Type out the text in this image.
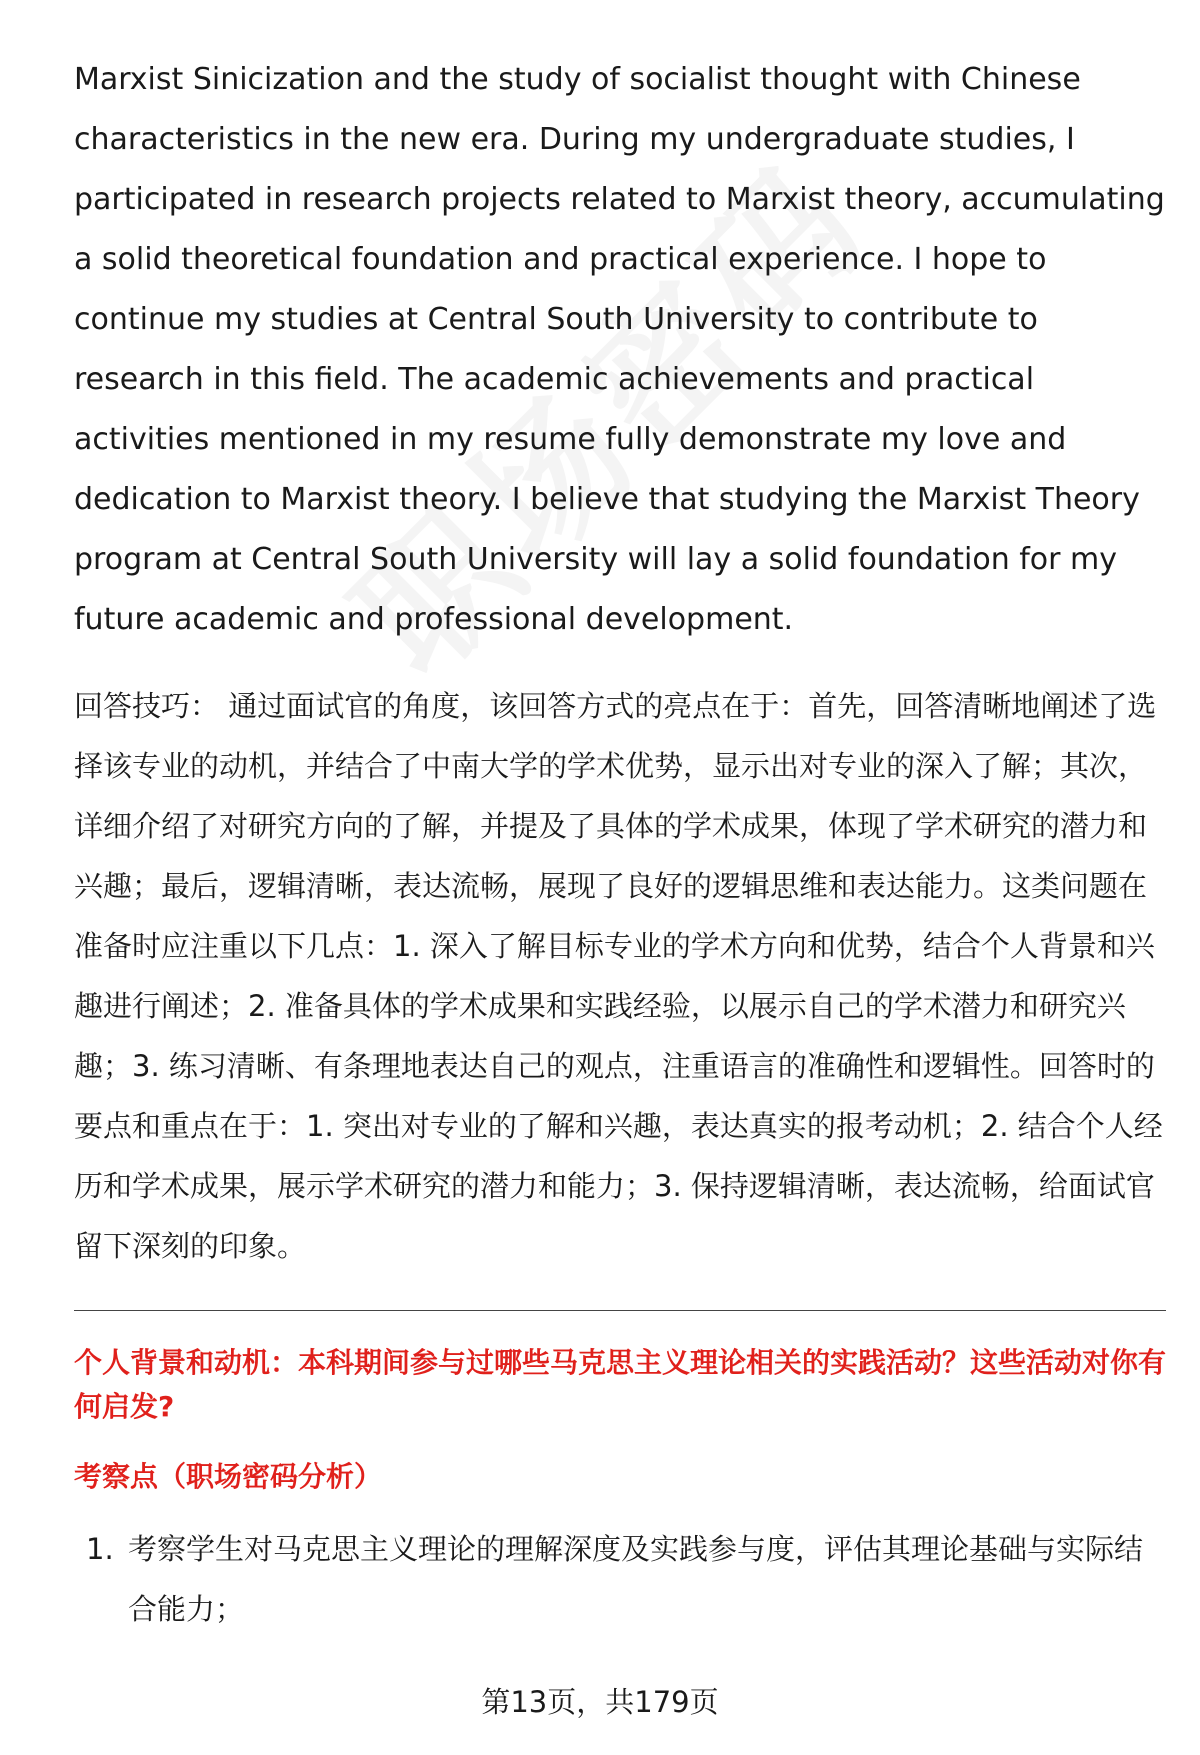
Marxist Sinicization and the study of socialist thought with Chinese characteristics in the new era. During my undergraduate studies, I participated in research projects related to Marxist theory, accumulating a solid theoretical foundation and practical experience. I hope to continue my studies at Central South University to contribute to research in this field. The academic achievements and practical activities mentioned in my resume fully demonstrate my love and dedication to Marxist theory. I believe that studying the Marxist Theory program at Central South University will lay a solid foundation for my future academic and professional development.

回答技巧： 通过面试官的角度，该回答方式的亮点在于：首先，回答清晰地阐述了选择该专业的动机，并结合了中南大学的学术优势，显示出对专业的深入了解；其次，详细介绍了对研究方向的了解，并提及了具体的学术成果，体现了学术研究的潜力和兴趣；最后，逻辑清晰，表达流畅，展现了良好的逻辑思维和表达能力。这类问题在准备时应注重以下几点：1. 深入了解目标专业的学术方向和优势，结合个人背景和兴趣进行阐述；2. 准备具体的学术成果和实践经验，以展示自己的学术潜力和研究兴趣；3. 练习清晰、有条理地表达自己的观点，注重语言的准确性和逻辑性。回答时的要点和重点在于：1. 突出对专业的了解和兴趣，表达真实的报考动机；2. 结合个人经历和学术成果，展示学术研究的潜力和能力；3. 保持逻辑清晰，表达流畅，给面试官留下深刻的印象。

个人背景和动机：本科期间参与过哪些马克思主义理论相关的实践活动？这些活动对你有何启发?
考察点（职场密码分析）
1. 考察学生对马克思主义理论的理解深度及实践参与度，评估其理论基础与实际结合能力；
第13页，共179页
